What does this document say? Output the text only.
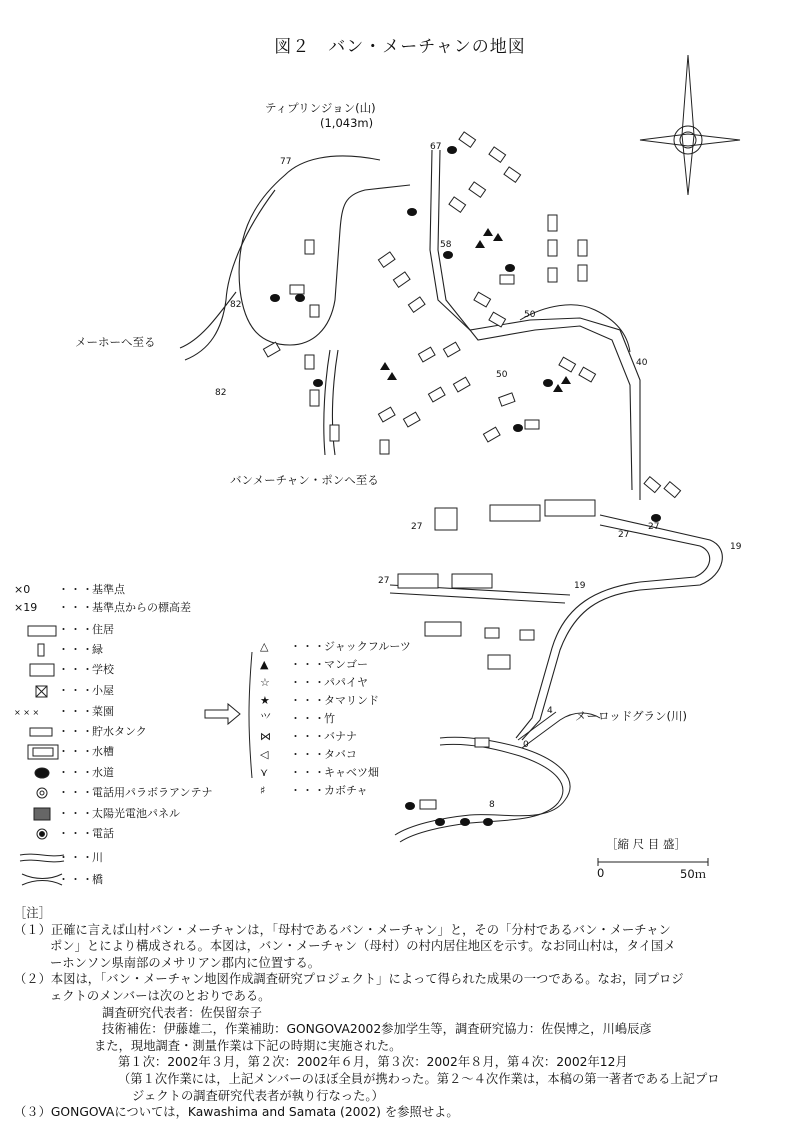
図２　バン・メーチャンの地図
ティプリンジョン(山)
(1,043m)
メーホーへ至る
バンメーチャン・ポンへ至る
メーロッドグラン(川)
［縮 尺 目 盛］
0	50ｍ
77
67
58
82
82
50
50
40
27
27
27
19
27	19
4
0
8
×0	・・・基準点
×19 ・・・基準点からの標高差
・・・住居
・・・緑
・・・学校
・・・小屋
× × × ・・・菜園
・・・貯水タンク
・・・水槽
・・・水道
・・・電話用パラボラアンテナ
・・・太陽光電池パネル
・・・電話
・・・川
・・・橋
△ ・・・ジャックフルーツ
▲ ・・・マンゴー
☆ ・・・パパイヤ
★ ・・・タマリンド
⺍ ・・・竹
⋈ ・・・バナナ
◁ ・・・タバコ
⋎ ・・・キャベツ畑
♯ ・・・カボチャ
［注］
（１）正確に言えば山村バン・メーチャンは，「母村であるバン・メーチャン」と，その「分村であるバン・メーチャン
ポン」とにより構成される。本図は，バン・メーチャン（母村）の村内居住地区を示す。なお同山村は，タイ国メ
ーホンソン県南部のメサリアン郡内に位置する。
（２）本図は，「バン・メーチャン地図作成調査研究プロジェクト」によって得られた成果の一つである。なお，同プロジ
ェクトのメンバーは次のとおりである。
調査研究代表者：佐俣留奈子
技術補佐：伊藤雄二，作業補助：GONGOVA2002参加学生等，調査研究協力：佐俣博之，川嶋辰彦
また，現地調査・測量作業は下記の時期に実施された。
第１次：2002年３月，第２次：2002年６月，第３次：2002年８月，第４次：2002年12月
（第１次作業には，上記メンバーのほぼ全員が携わった。第２～４次作業は，本稿の第一著者である上記プロ
ジェクトの調査研究代表者が執り行なった。）
（３）GONGOVAについては，Kawashima and Samata (2002) を参照せよ。
